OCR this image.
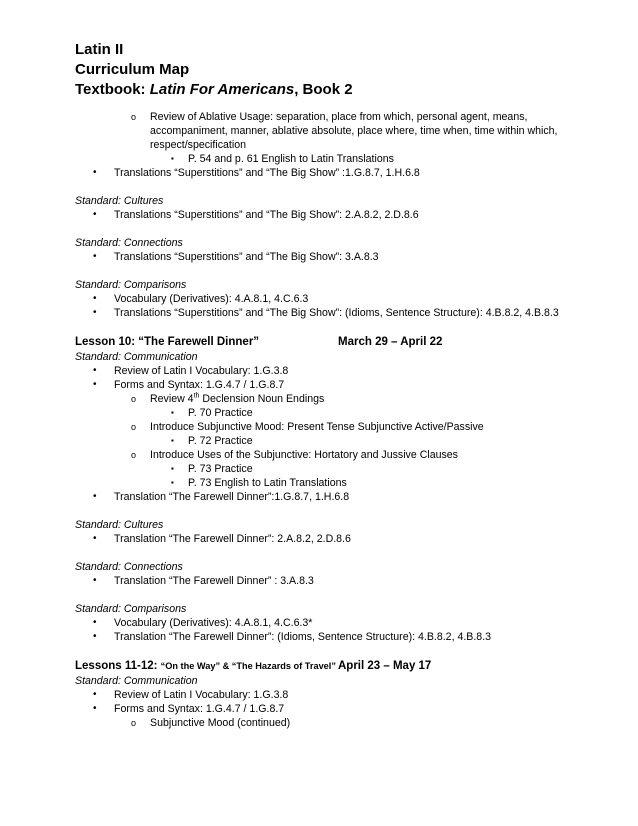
Latin II
Curriculum Map
Textbook: Latin For Americans, Book 2
o Review of Ablative Usage: separation, place from which, personal agent, means,
accompaniment, manner, ablative absolute, place where, time when, time within which,
respect/specification
▪ P. 54 and p. 61 English to Latin Translations
• Translations “Superstitions” and “The Big Show” :1.G.8.7, 1.H.6.8
Standard: Cultures
• Translations “Superstitions” and “The Big Show”: 2.A.8.2, 2.D.8.6
Standard: Connections
• Translations “Superstitions” and “The Big Show”: 3.A.8.3
Standard: Comparisons
• Vocabulary (Derivatives): 4.A.8.1, 4.C.6.3
• Translations “Superstitions” and “The Big Show”: (Idioms, Sentence Structure): 4.B.8.2, 4.B.8.3
Lesson 10: “The Farewell Dinner”	March 29 – April 22
Standard: Communication
• Review of Latin I Vocabulary: 1.G.3.8
• Forms and Syntax: 1.G.4.7 / 1.G.8.7
o Review 4th Declension Noun Endings
▪ P. 70 Practice
o Introduce Subjunctive Mood: Present Tense Subjunctive Active/Passive
▪ P. 72 Practice
o Introduce Uses of the Subjunctive: Hortatory and Jussive Clauses
▪ P. 73 Practice
▪ P. 73 English to Latin Translations
• Translation “The Farewell Dinner”:1.G.8.7, 1.H.6.8
Standard: Cultures
• Translation “The Farewell Dinner”: 2.A.8.2, 2.D.8.6
Standard: Connections
• Translation “The Farewell Dinner” : 3.A.8.3
Standard: Comparisons
• Vocabulary (Derivatives): 4.A.8.1, 4.C.6.3*
• Translation “The Farewell Dinner”: (Idioms, Sentence Structure): 4.B.8.2, 4.B.8.3
Lessons 11-12: “On the Way” & “The Hazards of Travel” April 23 – May 17
Standard: Communication
• Review of Latin I Vocabulary: 1.G.3.8
• Forms and Syntax: 1.G.4.7 / 1.G.8.7
o Subjunctive Mood (continued)
